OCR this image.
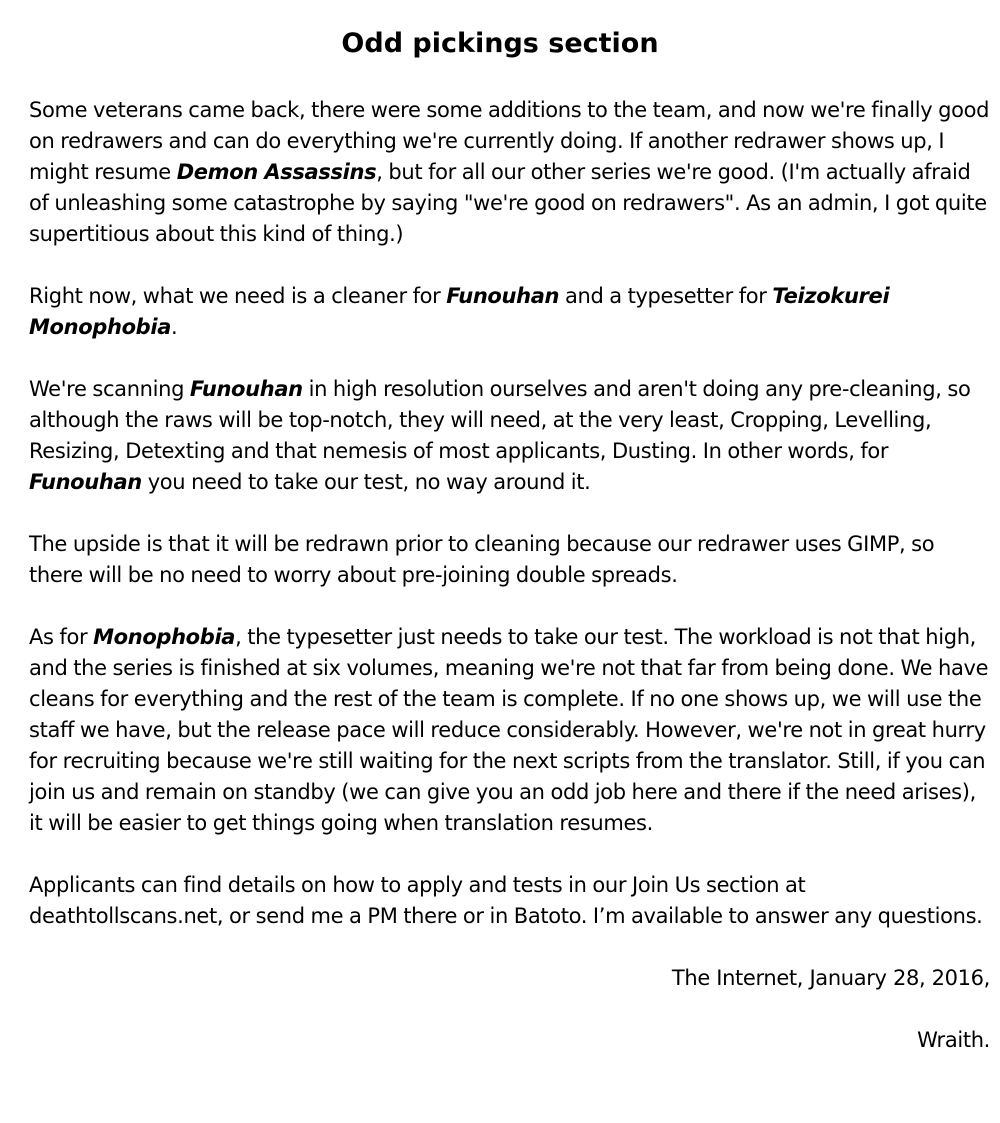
Odd pickings section

Some veterans came back, there were some additions to the team, and now we're finally good on redrawers and can do everything we're currently doing. If another redrawer shows up, I might resume Demon Assassins, but for all our other series we're good. (I'm actually afraid of unleashing some catastrophe by saying "we're good on redrawers". As an admin, I got quite supertitious about this kind of thing.)

Right now, what we need is a cleaner for Funouhan and a typesetter for Teizokurei Monophobia.

We're scanning Funouhan in high resolution ourselves and aren't doing any pre-cleaning, so although the raws will be top-notch, they will need, at the very least, Cropping, Levelling, Resizing, Detexting and that nemesis of most applicants, Dusting. In other words, for Funouhan you need to take our test, no way around it.

The upside is that it will be redrawn prior to cleaning because our redrawer uses GIMP, so there will be no need to worry about pre-joining double spreads.

As for Monophobia, the typesetter just needs to take our test. The workload is not that high, and the series is finished at six volumes, meaning we're not that far from being done. We have cleans for everything and the rest of the team is complete. If no one shows up, we will use the staff we have, but the release pace will reduce considerably. However, we're not in great hurry for recruiting because we're still waiting for the next scripts from the translator. Still, if you can join us and remain on standby (we can give you an odd job here and there if the need arises), it will be easier to get things going when translation resumes.

Applicants can find details on how to apply and tests in our Join Us section at deathtollscans.net, or send me a PM there or in Batoto. I’m available to answer any questions.

The Internet, January 28, 2016,

Wraith.
